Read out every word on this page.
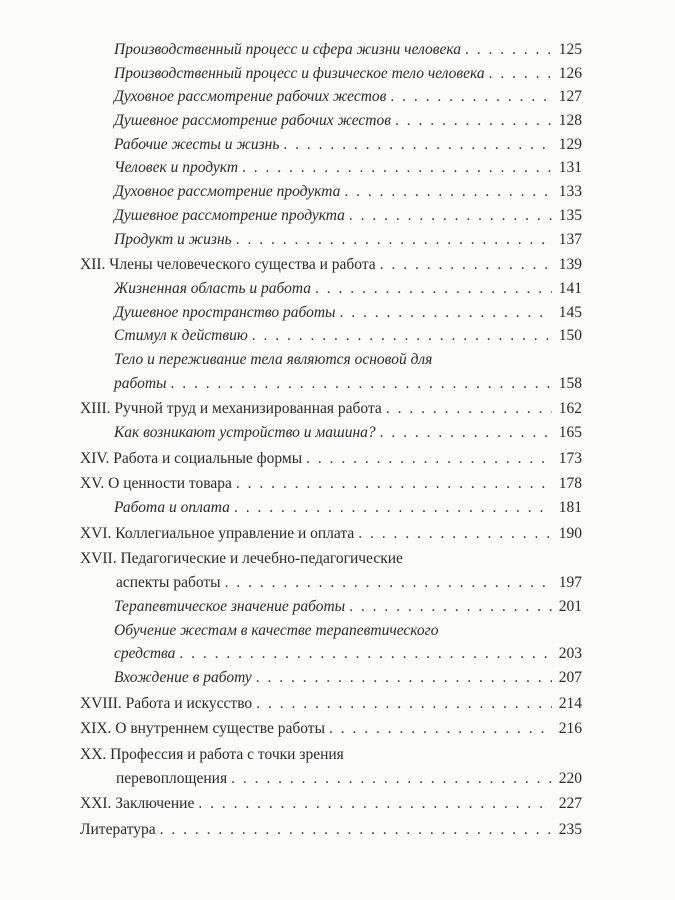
Производственный процесс и сфера жизни человека . . .	125
Производственный процесс и физическое тело человека . . .	126
Духовное рассмотрение рабочих жестов . . .	127
Душевное рассмотрение рабочих жестов . . .	128
Рабочие жесты и жизнь . . .	129
Человек и продукт . . .	131
Духовное рассмотрение продукта . . .	133
Душевное рассмотрение продукта . . .	135
Продукт и жизнь . . .	137
XII. Члены человеческого существа и работа . . .	139
Жизненная область и работа . . .	141
Душевное пространство работы . . .	145
Стимул к действию . . .	150
Тело и переживание тела являются основой для
работы . . .	158
XIII. Ручной труд и механизированная работа . . .	162
Как возникают устройство и машина? . . .	165
XIV. Работа и социальные формы . . .	173
XV. О ценности товара . . .	178
Работа и оплата . . .	181
XVI. Коллегиальное управление и оплата . . .	190
XVII. Педагогические и лечебно-педагогические
аспекты работы . . .	197
Терапевтическое значение работы . . .	201
Обучение жестам в качестве терапевтического
средства . . .	203
Вхождение в работу . . .	207
XVIII. Работа и искусство . . .	214
XIX. О внутреннем существе работы . . .	216
XX. Профессия и работа с точки зрения
перевоплощения . . .	220
XXI. Заключение . . .	227
Литература . . .	235
